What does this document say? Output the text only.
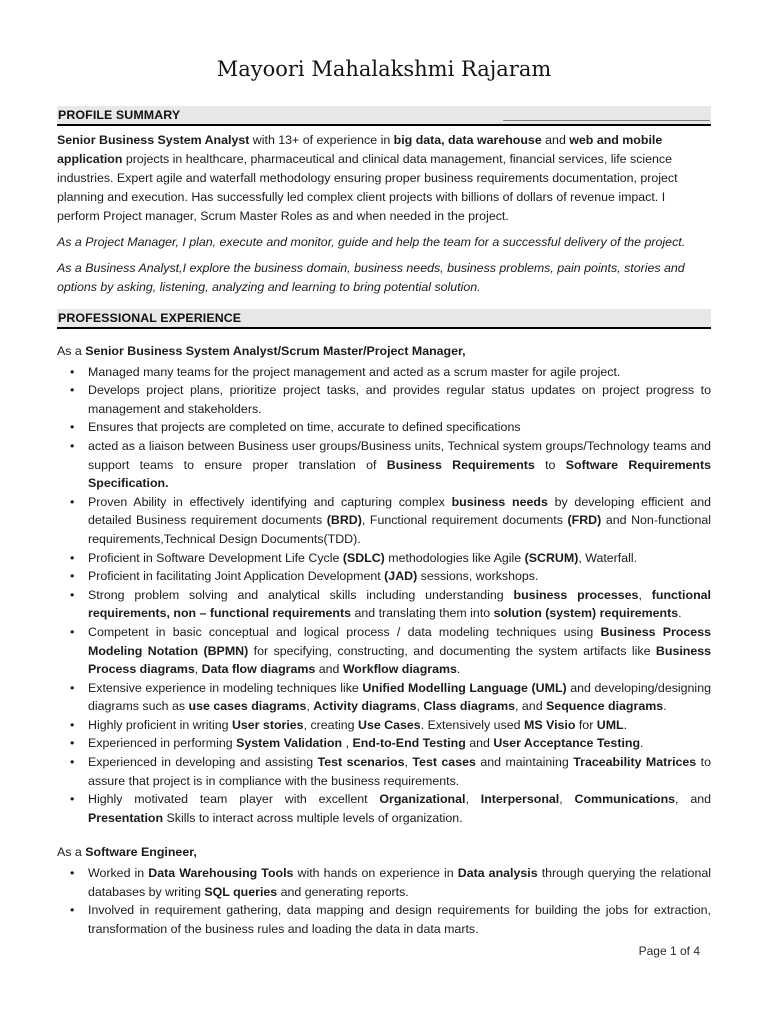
Mayoori Mahalakshmi Rajaram
PROFILE SUMMARY	______________________________

Senior Business System Analyst with 13+ of experience in big data, data warehouse and web and mobile application projects in healthcare, pharmaceutical and clinical data management, financial services, life science industries. Expert agile and waterfall methodology ensuring proper business requirements documentation, project planning and execution. Has successfully led complex client projects with billions of dollars of revenue impact. I perform Project manager, Scrum Master Roles as and when needed in the project.

As a Project Manager, I plan, execute and monitor, guide and help the team for a successful delivery of the project.

As a Business Analyst,I explore the business domain, business needs, business problems, pain points, stories and options by asking, listening, analyzing and learning to bring potential solution.

PROFESSIONAL EXPERIENCE

As a Senior Business System Analyst/Scrum Master/Project Manager,

• Managed many teams for the project management and acted as a scrum master for agile project.
• Develops project plans, prioritize project tasks, and provides regular status updates on project progress to management and stakeholders.
• Ensures that projects are completed on time, accurate to defined specifications
• acted as a liaison between Business user groups/Business units, Technical system groups/Technology teams and support teams to ensure proper translation of Business Requirements to Software Requirements Specification.
• Proven Ability in effectively identifying and capturing complex business needs by developing efficient and detailed Business requirement documents (BRD), Functional requirement documents (FRD) and Non-functional requirements,Technical Design Documents(TDD).
• Proficient in Software Development Life Cycle (SDLC) methodologies like Agile (SCRUM), Waterfall.
• Proficient in facilitating Joint Application Development (JAD) sessions, workshops.
• Strong problem solving and analytical skills including understanding business processes, functional requirements, non – functional requirements and translating them into solution (system) requirements.
• Competent in basic conceptual and logical process / data modeling techniques using Business Process Modeling Notation (BPMN) for specifying, constructing, and documenting the system artifacts like Business Process diagrams, Data flow diagrams and Workflow diagrams.
• Extensive experience in modeling techniques like Unified Modelling Language (UML) and developing/designing diagrams such as use cases diagrams, Activity diagrams, Class diagrams, and Sequence diagrams.
• Highly proficient in writing User stories, creating Use Cases. Extensively used MS Visio for UML.
• Experienced in performing System Validation , End-to-End Testing and User Acceptance Testing.
• Experienced in developing and assisting Test scenarios, Test cases and maintaining Traceability Matrices to assure that project is in compliance with the business requirements.
• Highly motivated team player with excellent Organizational, Interpersonal, Communications, and Presentation Skills to interact across multiple levels of organization.

As a Software Engineer,

• Worked in Data Warehousing Tools with hands on experience in Data analysis through querying the relational databases by writing SQL queries and generating reports.
• Involved in requirement gathering, data mapping and design requirements for building the jobs for extraction, transformation of the business rules and loading the data in data marts.
Page 1 of 4
